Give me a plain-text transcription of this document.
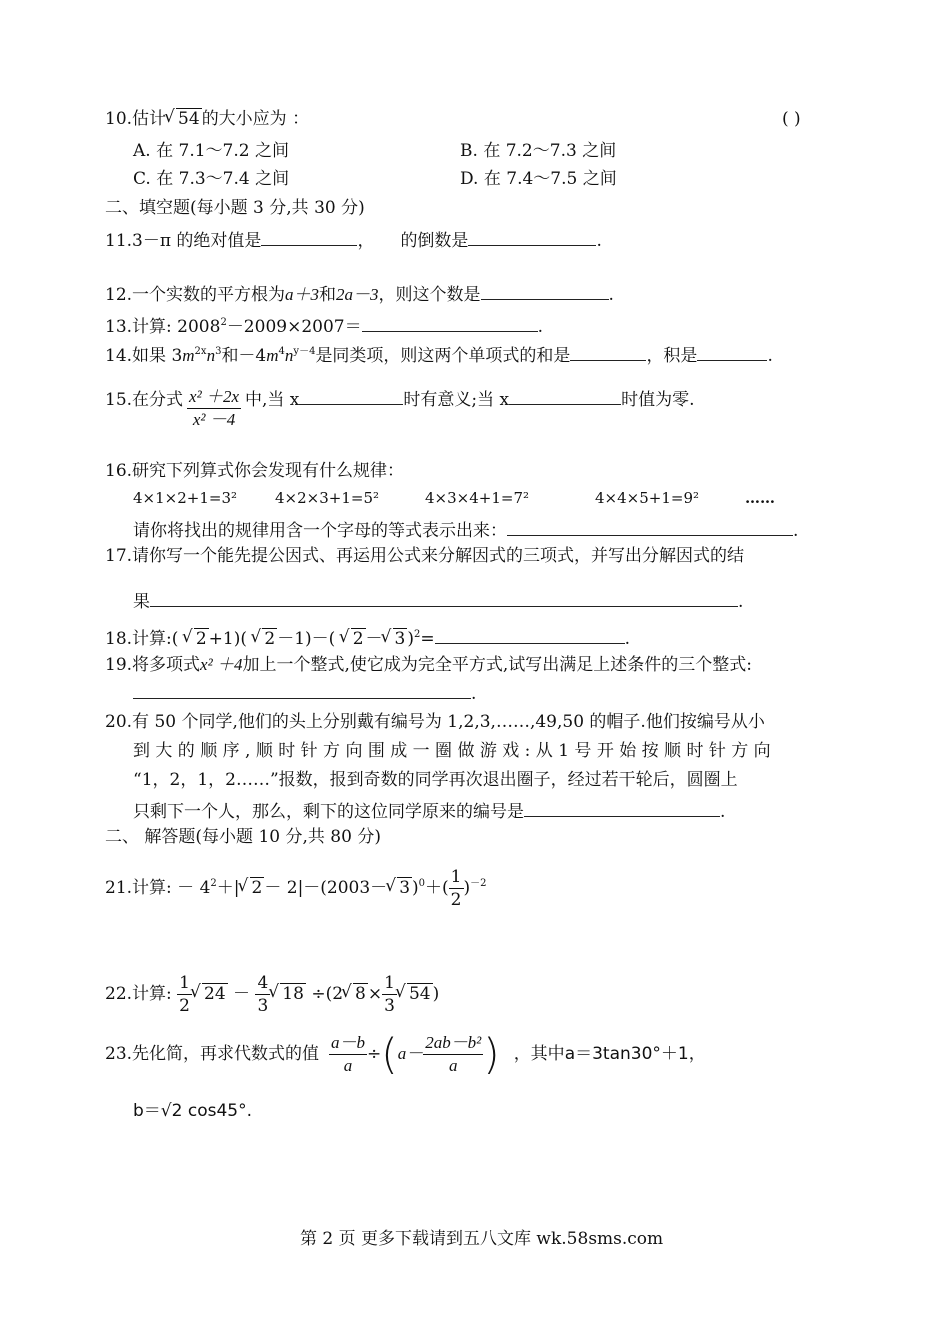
10.估计√ 54 的大小应为 ：	( )
A. 在 7.1～7.2 之间	B. 在 7.2～7.3 之间
C. 在 7.3～7.4 之间	D. 在 7.4～7.5 之间
二、填空题(每小题 3 分,共 30 分)
11.3－π 的绝对值是	， 的倒数是	.
12.一个实数的平方根为a＋3和2a－3，则这个数是	.
13.计算: $2008^2-2009\times 2007=$	.
14.如果 $3m^{2x}n^3$和$-4m^4n^{y-4}$是同类项，则这两个单项式的和是	，积是	.
15.在分式 $\frac{\text{x² ＋2x}}{\text{x² －4}}$ 中,当 x	时有意义;当 x	时值为零.
16.研究下列算式你会发现有什么规律：
4×1×2+1=3²	4×2×3+1=5²	4×3×4+1=7²	4×4×5+1=9²	……
请你将找出的规律用含一个字母的等式表示出来：	.
17.请你写一个能先提公因式、再运用公式来分解因式的三项式，并写出分解因式的结
果	.
18.计算:( √ 2 +1)( √ 2 －1)－( √ 2 －√ 3 )$^2$=	.
19.将多项式x² ＋4加上一个整式,使它成为完全平方式,试写出满足上述条件的三个整式:
.
20.有 50 个同学,他们的头上分别戴有编号为 1,2,3,……,49,50 的帽子.他们按编号从小
到 大 的 顺 序 , 顺 时 针 方 向 围 成 一 圈 做 游 戏 : 从 1 号 开 始 按 顺 时 针 方 向
“1，2，1，2……”报数，报到奇数的同学再次退出圈子，经过若干轮后，圆圈上
只剩下一个人，那么，剩下的这位同学原来的编号是	.
二、 解答题(每小题 10 分,共 80 分)
21.计算: － $4^2+|√$ 2 － 2|－(2003－√ 3 )$^0+( \frac{1}{2} )^{-2}$
22.计算: $\frac{1}{2}$
√ $24 - \frac{4}{3}$
√ 18 ÷(2√ $8 \times \frac{1}{3}$
√ 54 )
23.先化简，再求代数式的值 $\frac{a-b}{a} \div(a- \frac{\text{2ab－b²}}{a}$ ) ，其中a＝3tan30°＋1，
b＝√2 cos45°.
第 2 页 更多下载请到五八文库 wk.58sms.com
